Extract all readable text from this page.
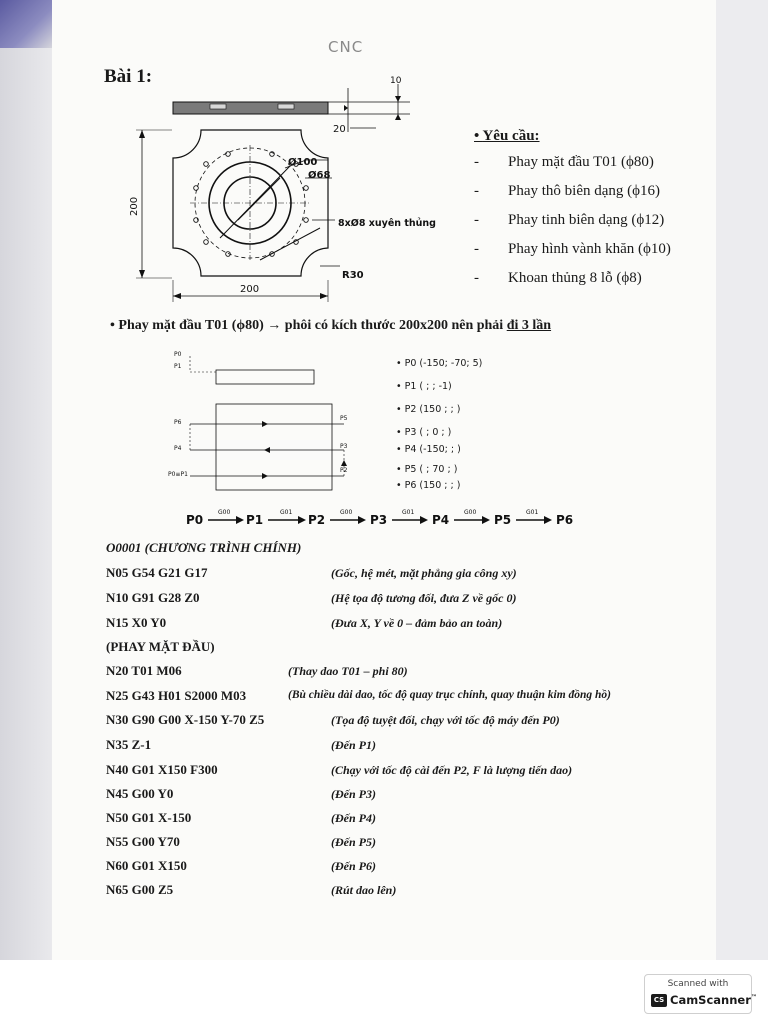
CNC
Bài 1:	10
20
Ø100
Ø68
8xØ8 xuyên thủng
R30
200
200
• Yêu cầu:
- Phay mặt đầu T01 (ϕ80)
- Phay thô biên dạng (ϕ16)
- Phay tinh biên dạng (ϕ12)
- Phay hình vành khăn (ϕ10)
- Khoan thủng 8 lỗ (ϕ8)
• Phay mặt đầu T01 (ϕ80) → phôi có kích thước 200x200 nên phải đi 3 lần
P0
P1
P6
P4
P0≡P1
P5
P3
P2
• P0 (-150; -70; 5)
• P1 ( ; ; -1)
• P2 (150 ; ; )
• P3 ( ; 0 ; )
• P4 (-150; ; )
• P5 ( ; 70 ; )
• P6 (150 ; ; )
P0
G00
P1
G01
P2
G00
P3
G01
P4
G00
P5
G01
P6
O0001 (CHƯƠNG TRÌNH CHÍNH)
N05 G54 G21 G17	(Gốc, hệ mét, mặt phẳng gia công xy)
N10 G91 G28 Z0	(Hệ tọa độ tương đối, đưa Z về gốc 0)
N15 X0 Y0	(Đưa X, Y về 0 – đảm bảo an toàn)
(PHAY MẶT ĐẦU)
N20 T01 M06	(Thay dao T01 – phi 80)
N25 G43 H01 S2000 M03	(Bù chiều dài dao, tốc độ quay trục chính, quay thuận kim đồng hồ)
N30 G90 G00 X-150 Y-70 Z5	(Tọa độ tuyệt đối, chạy với tốc độ máy đến P0)
N35 Z-1	(Đến P1)
N40 G01 X150 F300	(Chạy với tốc độ cài đến P2, F là lượng tiến dao)
N45 G00 Y0	(Đến P3)
N50 G01 X-150	(Đến P4)
N55 G00 Y70	(Đến P5)
N60 G01 X150	(Đến P6)
N65 G00 Z5	(Rút dao lên)
Scanned with
CS CamScanner™
